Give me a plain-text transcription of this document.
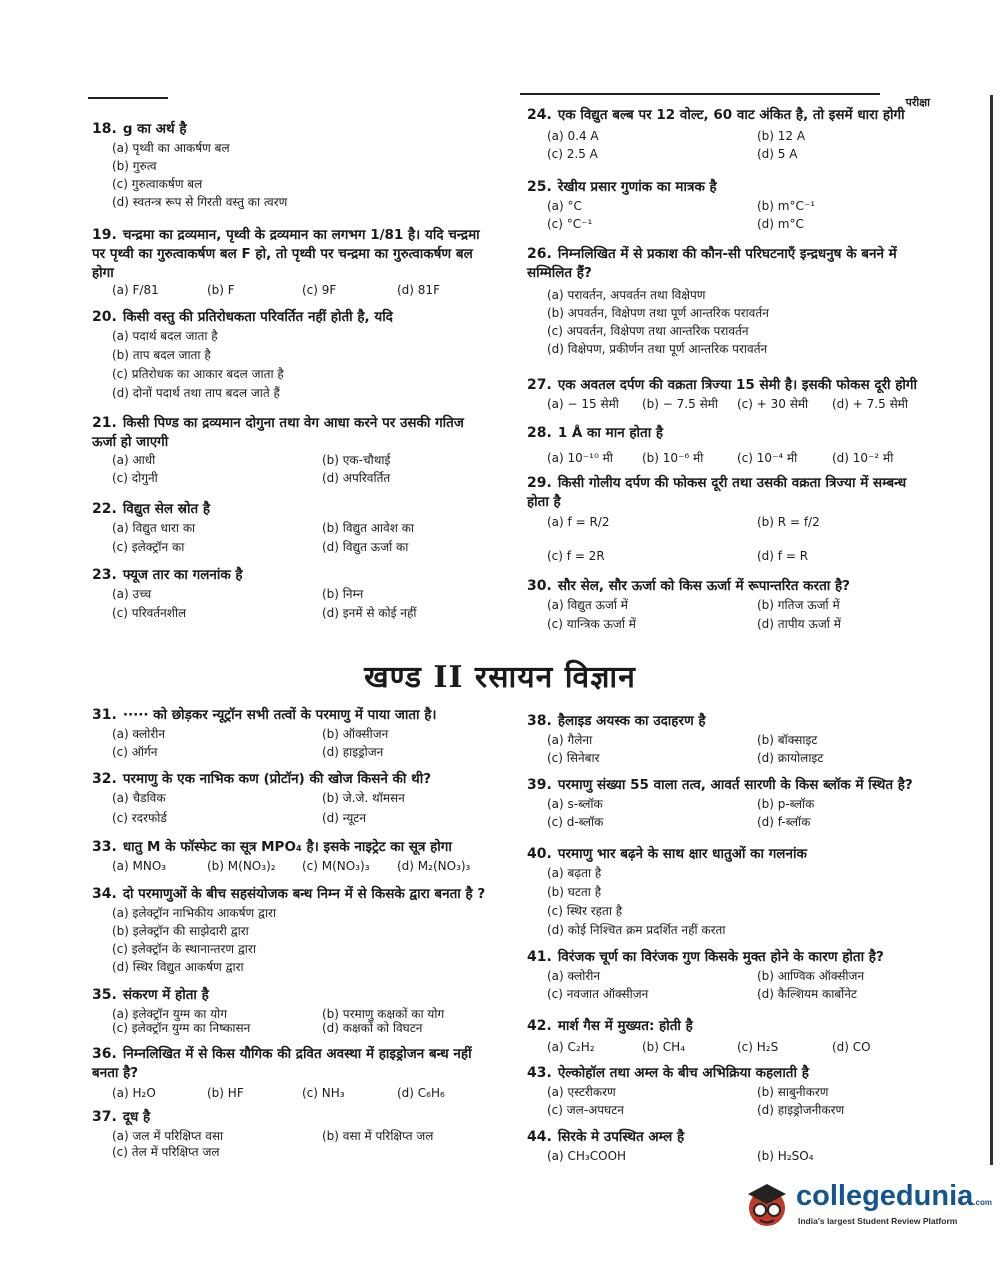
परीक्षा
खण्ड II रसायन विज्ञान
18. g का अर्थ है
(a) पृथ्वी का आकर्षण बल
(b) गुरुत्व
(c) गुरुत्वाकर्षण बल
(d) स्वतन्त्र रूप से गिरती वस्तु का त्वरण
19. चन्द्रमा का द्रव्यमान, पृथ्वी के द्रव्यमान का लगभग 1/81 है। यदि चन्द्रमा पर पृथ्वी का गुरुत्वाकर्षण बल F हो, तो पृथ्वी पर चन्द्रमा का गुरुत्वाकर्षण बल होगा
(a) F/81	(b) F	(c) 9F	(d) 81F
20. किसी वस्तु की प्रतिरोधकता परिवर्तित नहीं होती है, यदि
(a) पदार्थ बदल जाता है
(b) ताप बदल जाता है
(c) प्रतिरोधक का आकार बदल जाता है
(d) दोनों पदार्थ तथा ताप बदल जाते हैं
21. किसी पिण्ड का द्रव्यमान दोगुना तथा वेग आधा करने पर उसकी गतिज ऊर्जा हो जाएगी
(a) आधी	(b) एक-चौथाई
(c) दोगुनी	(d) अपरिवर्तित
22. विद्युत सेल स्रोत है
(a) विद्युत धारा का	(b) विद्युत आवेश का
(c) इलेक्ट्रॉन का	(d) विद्युत ऊर्जा का
23. फ्यूज तार का गलनांक है
(a) उच्च	(b) निम्न
(c) परिवर्तनशील	(d) इनमें से कोई नहीं
24. एक विद्युत बल्ब पर 12 वोल्ट, 60 वाट अंकित है, तो इसमें धारा होगी
(a) 0.4 A	(b) 12 A
(c) 2.5 A	(d) 5 A
25. रेखीय प्रसार गुणांक का मात्रक है
(a) °C	(b) m°C⁻¹
(c) °C⁻¹	(d) m°C
26. निम्नलिखित में से प्रकाश की कौन-सी परिघटनाएँ इन्द्रधनुष के बनने में सम्मिलित हैं?
(a) परावर्तन, अपवर्तन तथा विक्षेपण
(b) अपवर्तन, विक्षेपण तथा पूर्ण आन्तरिक परावर्तन
(c) अपवर्तन, विक्षेपण तथा आन्तरिक परावर्तन
(d) विक्षेपण, प्रकीर्णन तथा पूर्ण आन्तरिक परावर्तन
27. एक अवतल दर्पण की वक्रता त्रिज्या 15 सेमी है। इसकी फोकस दूरी होगी
(a) − 15 सेमी (b) − 7.5 सेमी (c) + 30 सेमी (d) + 7.5 सेमी
28. 1 Å का मान होता है
(a) 10⁻¹⁰ मी (b) 10⁻⁶ मी	(c) 10⁻⁴ मी	(d) 10⁻² मी
29. किसी गोलीय दर्पण की फोकस दूरी तथा उसकी वक्रता त्रिज्या में सम्बन्ध होता है
(a) f = R/2	(b) R = f/2
(c) f = 2R	(d) f = R
30. सौर सेल, सौर ऊर्जा को किस ऊर्जा में रूपान्तरित करता है?
(a) विद्युत ऊर्जा में	(b) गतिज ऊर्जा में
(c) यान्त्रिक ऊर्जा में	(d) तापीय ऊर्जा में
31. ····· को छोड़कर न्यूट्रॉन सभी तत्वों के परमाणु में पाया जाता है।
(a) क्लोरीन	(b) ऑक्सीजन
(c) ऑर्गन	(d) हाइड्रोजन
32. परमाणु के एक नाभिक कण (प्रोटॉन) की खोज किसने की थी?
(a) चैडविक	(b) जे.जे. थॉमसन
(c) रदरफोर्ड	(d) न्यूटन
33. धातु M के फॉस्फेट का सूत्र MPO₄ है। इसके नाइट्रेट का सूत्र होगा
(a) MNO₃	(b) M(NO₃)₂ (c) M(NO₃)₃ (d) M₂(NO₃)₃
34. दो परमाणुओं के बीच सहसंयोजक बन्ध निम्न में से किसके द्वारा बनता है ?
(a) इलेक्ट्रॉन नाभिकीय आकर्षण द्वारा
(b) इलेक्ट्रॉन की साझेदारी द्वारा
(c) इलेक्ट्रॉन के स्थानान्तरण द्वारा
(d) स्थिर विद्युत आकर्षण द्वारा
35. संकरण में होता है
(a) इलेक्ट्रॉन युग्म का योग	(b) परमाणु कक्षकों का योग
(c) इलेक्ट्रॉन युग्म का निष्कासन	(d) कक्षकों को विघटन
36. निम्नलिखित में से किस यौगिक की द्रवित अवस्था में हाइड्रोजन बन्ध नहीं बनता है?
(a) H₂O	(b) HF	(c) NH₃	(d) C₆H₆
37. दूध है
(a) जल में परिक्षिप्त वसा	(b) वसा में परिक्षिप्त जल
(c) तेल में परिक्षिप्त जल
38. हैलाइड अयस्क का उदाहरण है
(a) गैलेना	(b) बॉक्साइट
(c) सिनेबार	(d) क्रायोलाइट
39. परमाणु संख्या 55 वाला तत्व, आवर्त सारणी के किस ब्लॉक में स्थित है?
(a) s-ब्लॉक	(b) p-ब्लॉक
(c) d-ब्लॉक	(d) f-ब्लॉक
40. परमाणु भार बढ़ने के साथ क्षार धातुओं का गलनांक
(a) बढ़ता है
(b) घटता है
(c) स्थिर रहता है
(d) कोई निश्चित क्रम प्रदर्शित नहीं करता
41. विरंजक चूर्ण का विरंजक गुण किसके मुक्त होने के कारण होता है?
(a) क्लोरीन	(b) आण्विक ऑक्सीजन
(c) नवजात ऑक्सीजन	(d) कैल्शियम कार्बोनेट
42. मार्श गैस में मुख्यत: होती है
(a) C₂H₂	(b) CH₄	(c) H₂S	(d) CO
43. ऐल्कोहॉल तथा अम्ल के बीच अभिक्रिया कहलाती है
(a) एस्टरीकरण	(b) साबुनीकरण
(c) जल-अपघटन	(d) हाइड्रोजनीकरण
44. सिरके मे उपस्थित अम्ल है
(a) CH₃COOH	(b) H₂SO₄
collegedunia.com
India's largest Student Review Platform
